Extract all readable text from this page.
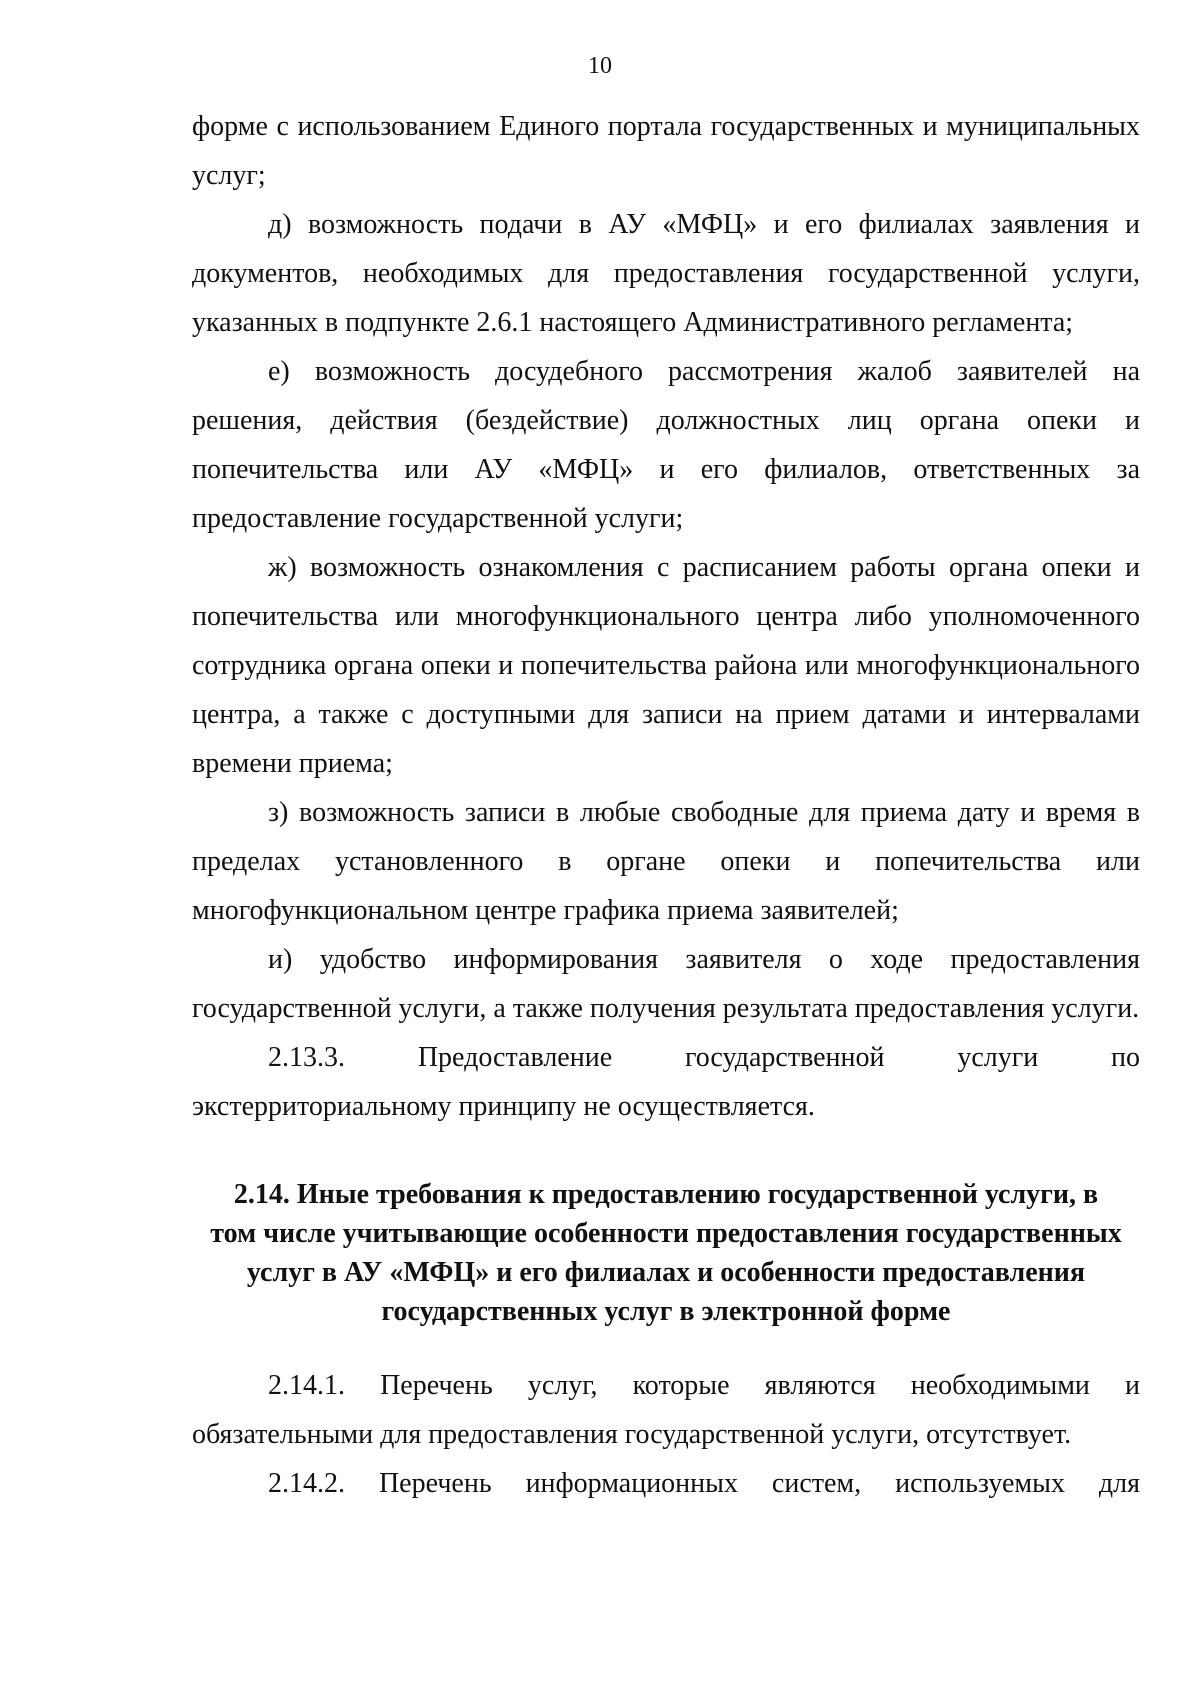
10

форме с использованием Единого портала государственных и муниципальных услуг;

д) возможность подачи в АУ «МФЦ» и его филиалах заявления и документов, необходимых для предоставления государственной услуги, указанных в подпункте 2.6.1 настоящего Административного регламента;

е) возможность досудебного рассмотрения жалоб заявителей на решения, действия (бездействие) должностных лиц органа опеки и попечительства или АУ «МФЦ» и его филиалов, ответственных за предоставление государственной услуги;

ж) возможность ознакомления с расписанием работы органа опеки и попечительства или многофункционального центра либо уполномоченного сотрудника органа опеки и попечительства района или многофункционального центра, а также с доступными для записи на прием датами и интервалами времени приема;

з) возможность записи в любые свободные для приема дату и время в пределах установленного в органе опеки и попечительства или многофункциональном центре графика приема заявителей;

и) удобство информирования заявителя о ходе предоставления государственной услуги, а также получения результата предоставления услуги.

2.13.3. Предоставление государственной услуги по экстерриториальному принципу не осуществляется.

2.14. Иные требования к предоставлению государственной услуги, в
том числе учитывающие особенности предоставления государственных
услуг в АУ «МФЦ» и его филиалах и особенности предоставления
государственных услуг в электронной форме

2.14.1. Перечень услуг, которые являются необходимыми и обязательными для предоставления государственной услуги, отсутствует.

2.14.2. Перечень информационных систем, используемых для
